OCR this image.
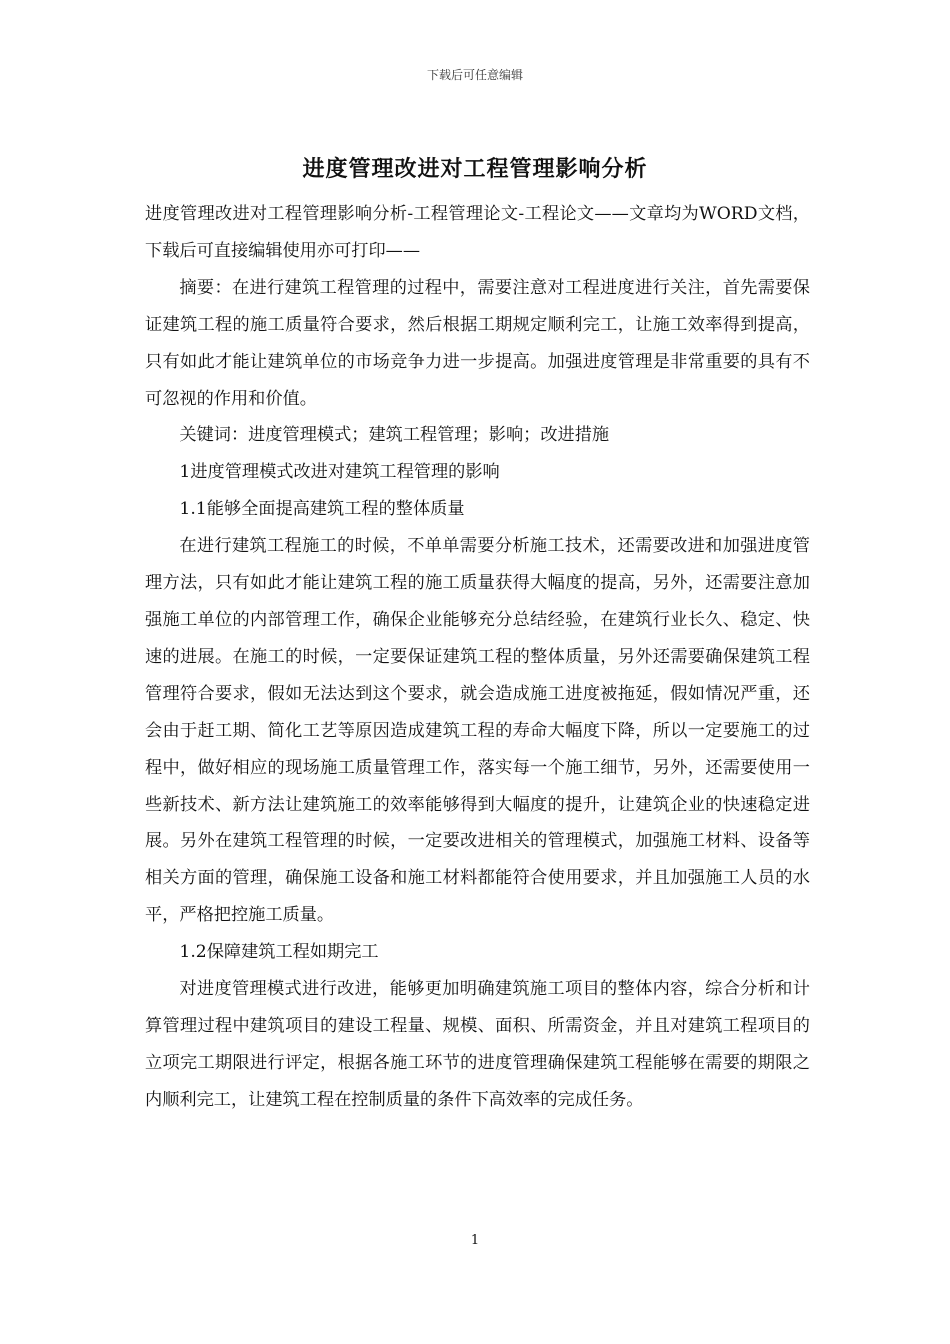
下载后可任意编辑
进度管理改进对工程管理影响分析

进度管理改进对工程管理影响分析-工程管理论文-工程论文——文章均为WORD文档，下载后可直接编辑使用亦可打印——

摘要：在进行建筑工程管理的过程中，需要注意对工程进度进行关注，首先需要保证建筑工程的施工质量符合要求，然后根据工期规定顺利完工，让施工效率得到提高，只有如此才能让建筑单位的市场竞争力进一步提高。加强进度管理是非常重要的具有不可忽视的作用和价值。

关键词：进度管理模式；建筑工程管理；影响；改进措施

1进度管理模式改进对建筑工程管理的影响

1.1能够全面提高建筑工程的整体质量

在进行建筑工程施工的时候，不单单需要分析施工技术，还需要改进和加强进度管理方法，只有如此才能让建筑工程的施工质量获得大幅度的提高，另外，还需要注意加强施工单位的内部管理工作，确保企业能够充分总结经验，在建筑行业长久、稳定、快速的进展。在施工的时候，一定要保证建筑工程的整体质量，另外还需要确保建筑工程管理符合要求，假如无法达到这个要求，就会造成施工进度被拖延，假如情况严重，还会由于赶工期、简化工艺等原因造成建筑工程的寿命大幅度下降，所以一定要施工的过程中，做好相应的现场施工质量管理工作，落实每一个施工细节，另外，还需要使用一些新技术、新方法让建筑施工的效率能够得到大幅度的提升，让建筑企业的快速稳定进展。另外在建筑工程管理的时候，一定要改进相关的管理模式，加强施工材料、设备等相关方面的管理，确保施工设备和施工材料都能符合使用要求，并且加强施工人员的水平，严格把控施工质量。

1.2保障建筑工程如期完工

对进度管理模式进行改进，能够更加明确建筑施工项目的整体内容，综合分析和计算管理过程中建筑项目的建设工程量、规模、面积、所需资金，并且对建筑工程项目的立项完工期限进行评定，根据各施工环节的进度管理确保建筑工程能够在需要的期限之内顺利完工，让建筑工程在控制质量的条件下高效率的完成任务。

1
